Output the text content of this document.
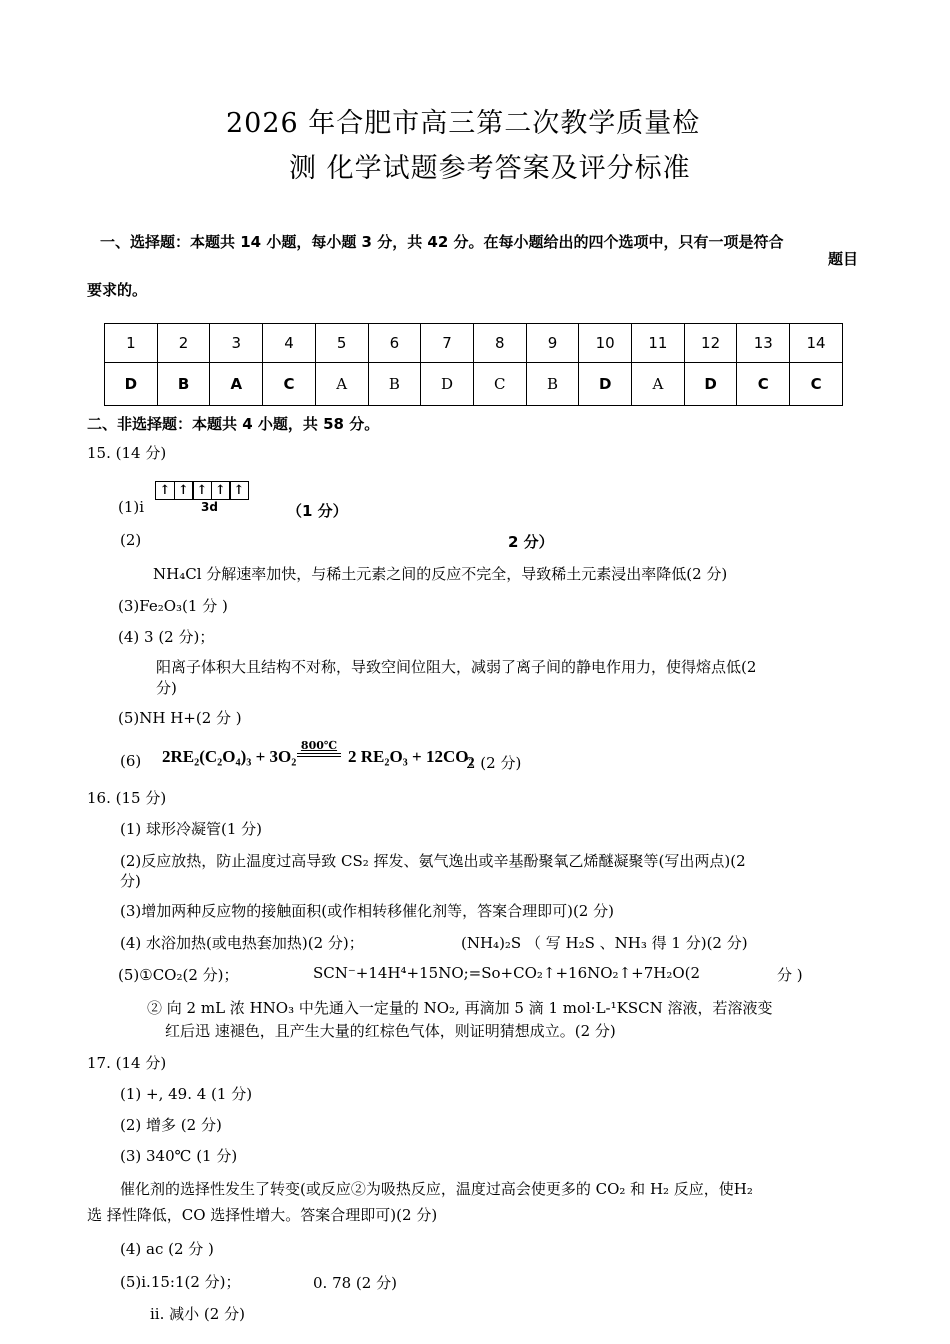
2026 年合肥市高三第二次教学质量检
测 化学试题参考答案及评分标准
一、选择题：本题共 14 小题，每小题 3 分，共 42 分。在每小题给出的四个选项中，只有一项是符合
题目
要求的。
1	2	3	4	5	6	7	8	9	10	11	12	13	14
D	B	A	C	A	B	D	C	B	D	A	D	C	C
二、非选择题：本题共 4 小题，共 58 分。
15. (14 分)
(1)i
↑ ↑ ↑ ↑ ↑
3d	（1 分）
(2)	2 分）
NH₄Cl 分解速率加快，与稀土元素之间的反应不完全，导致稀土元素浸出率降低(2 分)
(3)Fe₂O₃(1 分 )
(4) 3 (2 分)；
阳离子体积大且结构不对称，导致空间位阻大，减弱了离子间的静电作用力，使得熔点低(2
分)
(5)NH H+(2 分 )
(6) 2RE₂(C₂O₄)₃ + 3O₂
800℃
2 RE₂O₃ + 12CO₂
2 (2 分)
16. (15 分)
(1) 球形冷凝管(1 分)
(2)反应放热，防止温度过高导致 CS₂ 挥发、氨气逸出或辛基酚聚氧乙烯醚凝聚等(写出两点)(2
分)
(3)增加两种反应物的接触面积(或作相转移催化剂等，答案合理即可)(2 分)
(4) 水浴加热(或电热套加热)(2 分)；	(NH₄)₂S （ 写 H₂S 、NH₃ 得 1 分)(2 分)
(5)①CO₂(2 分)；	SCN⁻+14H⁴+15NO;=So+CO₂↑+16NO₂↑+7H₂O(2	分 )
② 向 2 mL 浓 HNO₃ 中先通入一定量的 NO₂, 再滴加 5 滴 1 mol·L-¹KSCN 溶液，若溶液变
红后迅 速褪色，且产生大量的红棕色气体，则证明猜想成立。(2 分)
17. (14 分)
(1) +, 49. 4 (1 分)
(2) 增多 (2 分)
(3) 340℃ (1 分)
催化剂的选择性发生了转变(或反应②为吸热反应，温度过高会使更多的 CO₂ 和 H₂ 反应，使H₂
选 择性降低，CO 选择性增大。答案合理即可)(2 分)
(4) ac (2 分 )
(5)i.15:1(2 分)；	0. 78 (2 分)
ii. 减小 (2 分)
